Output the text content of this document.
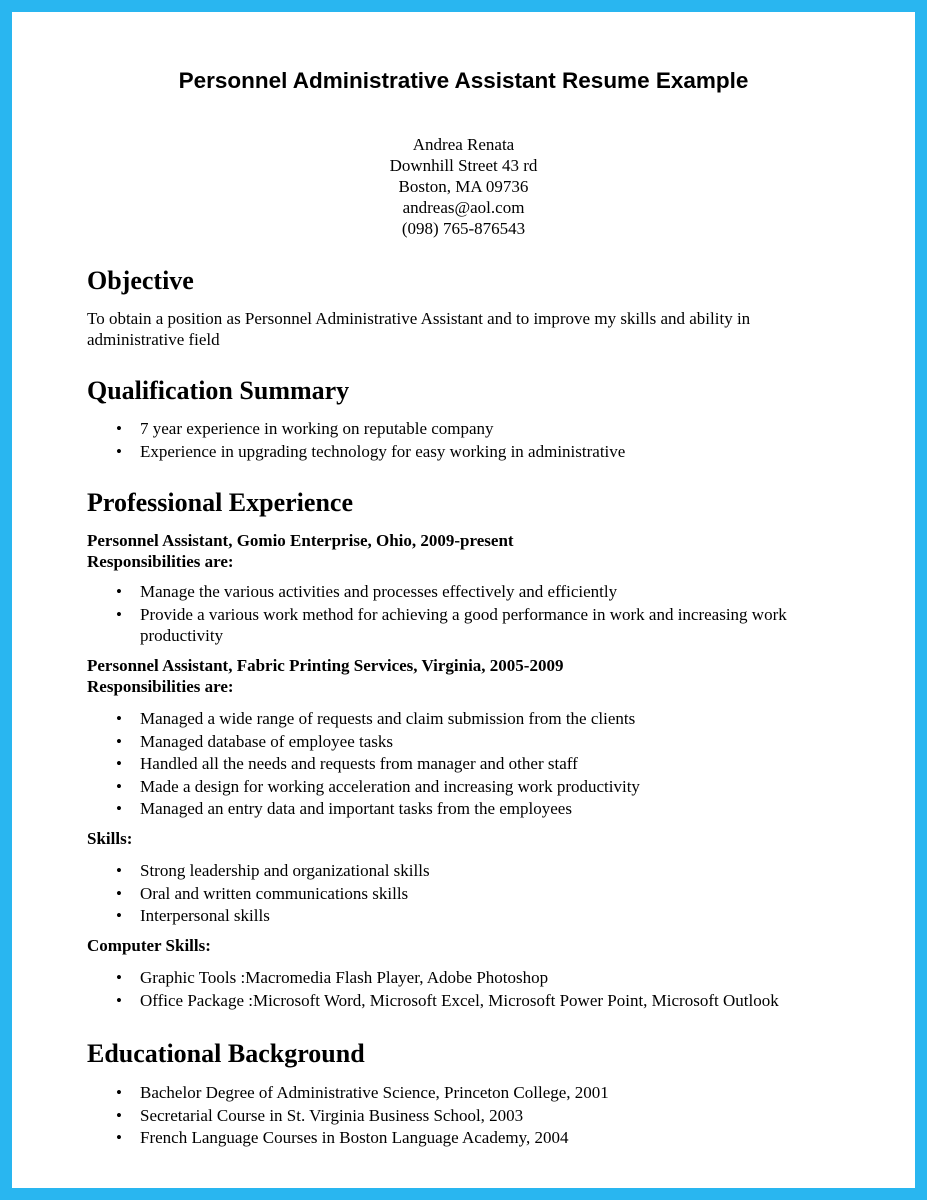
Personnel Administrative Assistant Resume Example
Andrea Renata
Downhill Street 43 rd
Boston, MA 09736
andreas@aol.com
(098) 765-876543
Objective

To obtain a position as Personnel Administrative Assistant and to improve my skills and ability in administrative field

Qualification Summary
• 7 year experience in working on reputable company
• Experience in upgrading technology for easy working in administrative
Professional Experience
Personnel Assistant, Gomio Enterprise, Ohio, 2009-present
Responsibilities are:
• Manage the various activities and processes effectively and efficiently
• Provide a various work method for achieving a good performance in work and increasing work productivity
Personnel Assistant, Fabric Printing Services, Virginia, 2005-2009
Responsibilities are:
• Managed a wide range of requests and claim submission from the clients
• Managed database of employee tasks
• Handled all the needs and requests from manager and other staff
• Made a design for working acceleration and increasing work productivity
• Managed an entry data and important tasks from the employees
Skills:
• Strong leadership and organizational skills
• Oral and written communications skills
• Interpersonal skills
Computer Skills:
• Graphic Tools :Macromedia Flash Player, Adobe Photoshop
• Office Package :Microsoft Word, Microsoft Excel, Microsoft Power Point, Microsoft Outlook
Educational Background
• Bachelor Degree of Administrative Science, Princeton College, 2001
• Secretarial Course in St. Virginia Business School, 2003
• French Language Courses in Boston Language Academy, 2004
